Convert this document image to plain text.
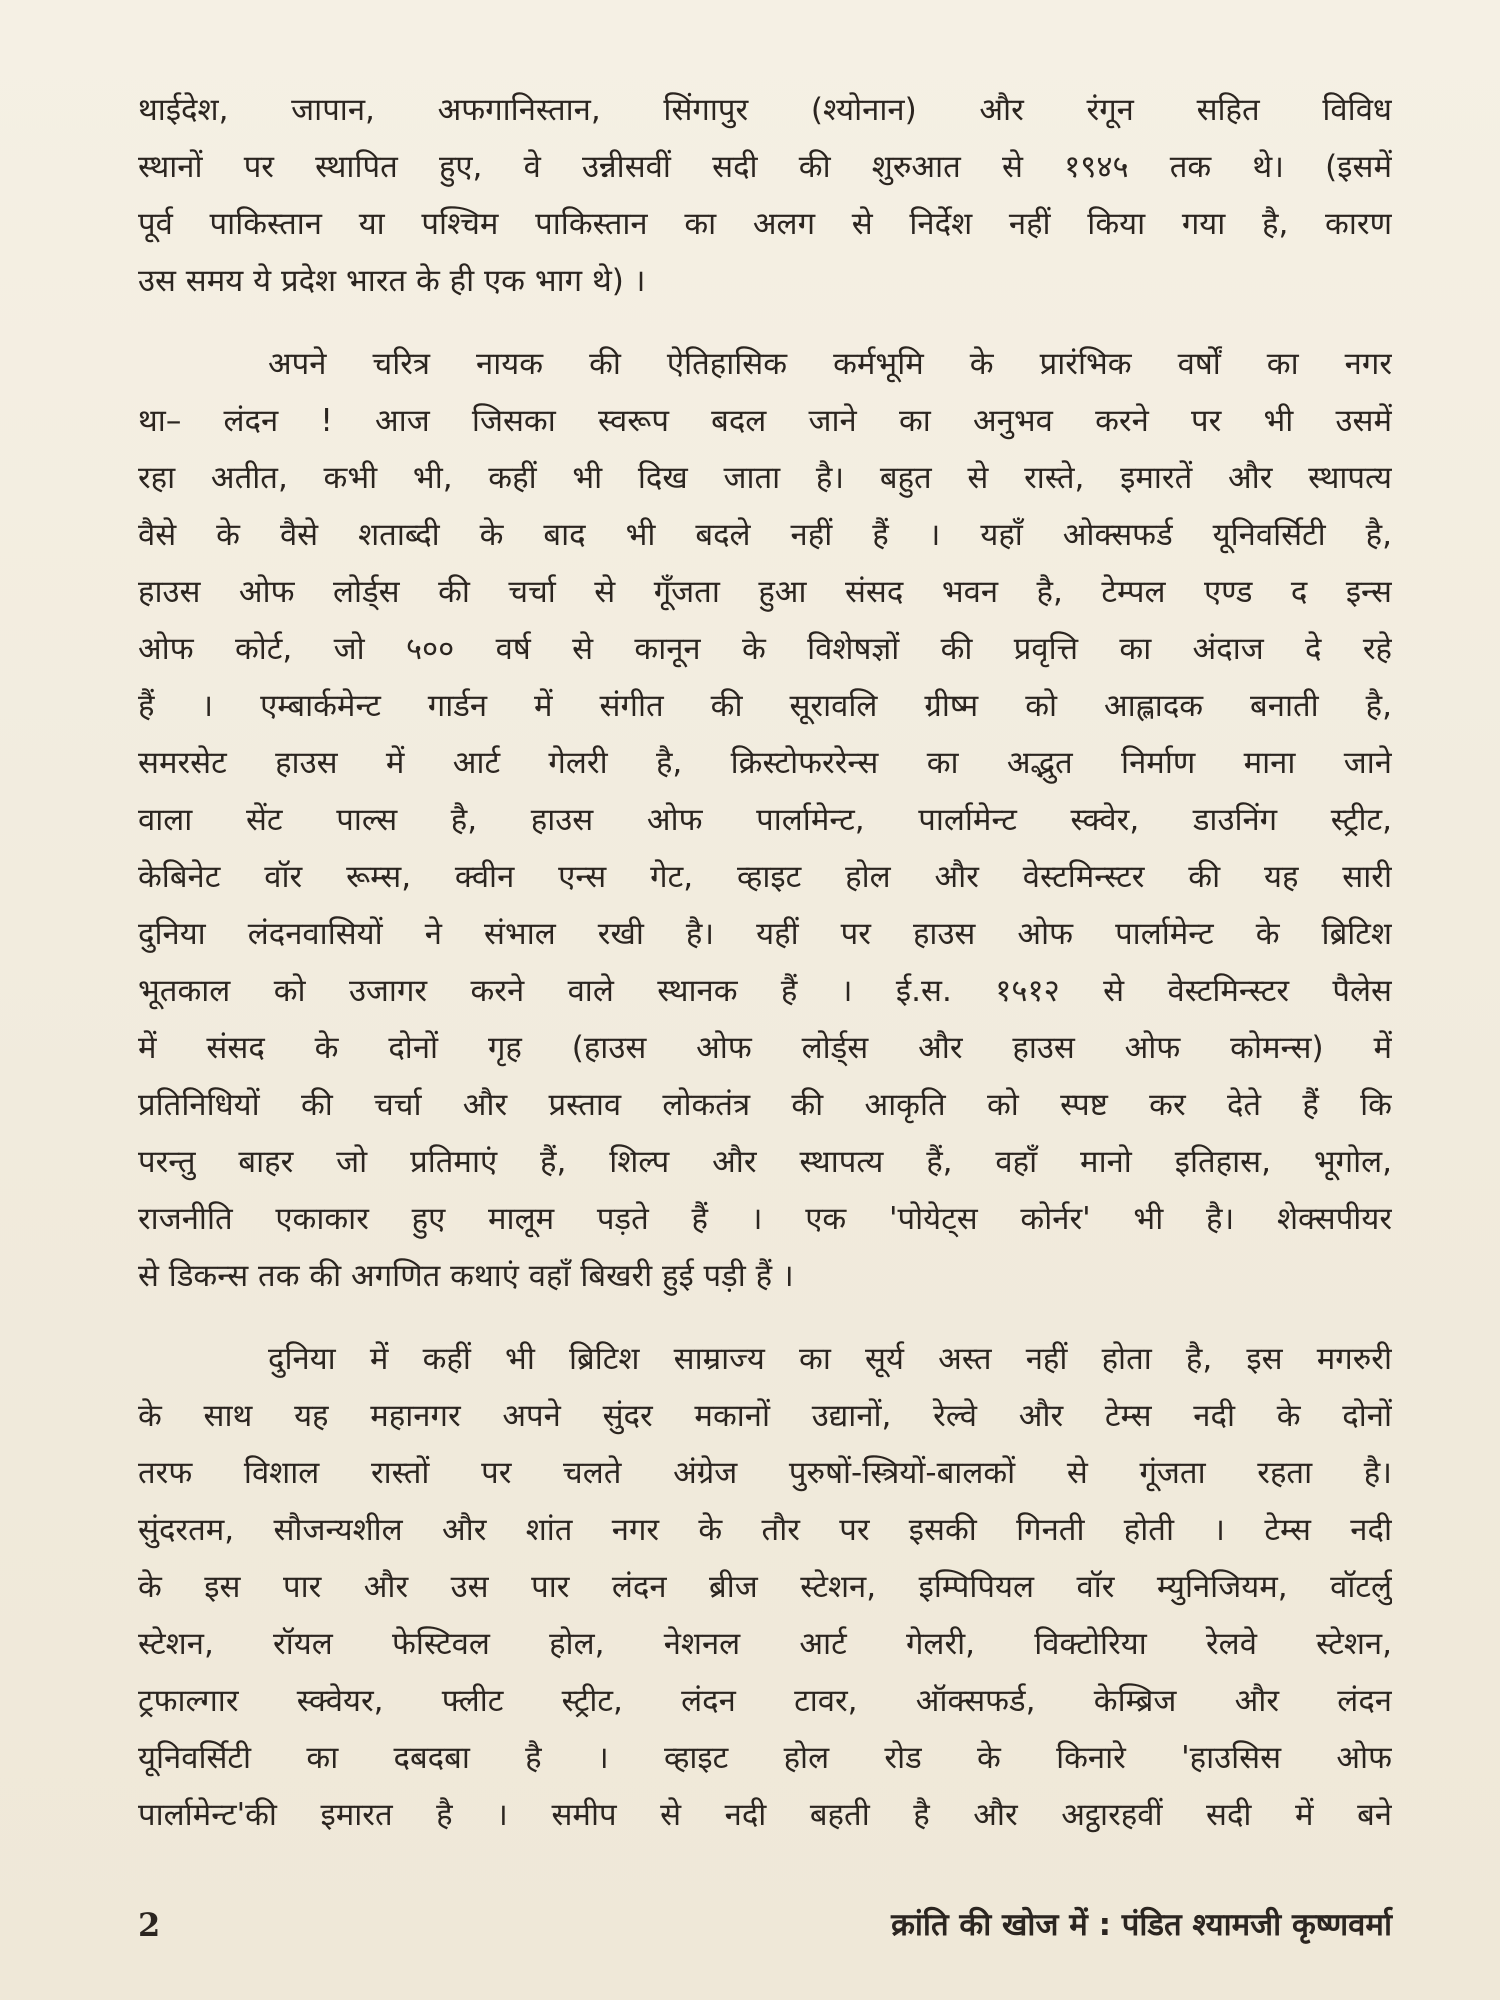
थाईदेश, जापान, अफगानिस्तान, सिंगापुर (श्योनान) और रंगून सहित विविध
स्थानों पर स्थापित हुए, वे उन्नीसवीं सदी की शुरुआत से १९४५ तक थे। (इसमें
पूर्व पाकिस्तान या पश्चिम पाकिस्तान का अलग से निर्देश नहीं किया गया है, कारण
उस समय ये प्रदेश भारत के ही एक भाग थे) ।

अपने चरित्र नायक की ऐतिहासिक कर्मभूमि के प्रारंभिक वर्षों का नगर
था– लंदन ! आज जिसका स्वरूप बदल जाने का अनुभव करने पर भी उसमें
रहा अतीत, कभी भी, कहीं भी दिख जाता है। बहुत से रास्ते, इमारतें और स्थापत्य
वैसे के वैसे शताब्दी के बाद भी बदले नहीं हैं । यहाँ ओक्सफर्ड यूनिवर्सिटी है,
हाउस ओफ लोर्ड्स की चर्चा से गूँजता हुआ संसद भवन है, टेम्पल एण्ड द इन्स
ओफ कोर्ट, जो ५०० वर्ष से कानून के विशेषज्ञों की प्रवृत्ति का अंदाज दे रहे
हैं । एम्बार्कमेन्ट गार्डन में संगीत की सूरावलि ग्रीष्म को आह्लादक बनाती है,
समरसेट हाउस में आर्ट गेलरी है, क्रिस्टोफररेन्स का अद्भुत निर्माण माना जाने
वाला सेंट पाल्स है, हाउस ओफ पार्लामेन्ट, पार्लामेन्ट स्क्वेर, डाउनिंग स्ट्रीट,
केबिनेट वॉर रूम्स, क्वीन एन्स गेट, व्हाइट होल और वेस्टमिन्स्टर की यह सारी
दुनिया लंदनवासियों ने संभाल रखी है। यहीं पर हाउस ओफ पार्लामेन्ट के ब्रिटिश
भूतकाल को उजागर करने वाले स्थानक हैं । ई.स. १५१२ से वेस्टमिन्स्टर पैलेस
में संसद के दोनों गृह (हाउस ओफ लोर्ड्स और हाउस ओफ कोमन्स) में
प्रतिनिधियों की चर्चा और प्रस्ताव लोकतंत्र की आकृति को स्पष्ट कर देते हैं कि
परन्तु बाहर जो प्रतिमाएं हैं, शिल्प और स्थापत्य हैं, वहाँ मानो इतिहास, भूगोल,
राजनीति एकाकार हुए मालूम पड़ते हैं । एक 'पोयेट्स कोर्नर' भी है। शेक्सपीयर
से डिकन्स तक की अगणित कथाएं वहाँ बिखरी हुई पड़ी हैं ।

दुनिया में कहीं भी ब्रिटिश साम्राज्य का सूर्य अस्त नहीं होता है, इस मगरुरी
के साथ यह महानगर अपने सुंदर मकानों उद्यानों, रेल्वे और टेम्स नदी के दोनों
तरफ विशाल रास्तों पर चलते अंग्रेज पुरुषों-स्त्रियों-बालकों से गूंजता रहता है।
सुंदरतम, सौजन्यशील और शांत नगर के तौर पर इसकी गिनती होती । टेम्स नदी
के इस पार और उस पार लंदन ब्रीज स्टेशन, इम्पिपियल वॉर म्युनिजियम, वॉटर्लु
स्टेशन, रॉयल फेस्टिवल होल, नेशनल आर्ट गेलरी, विक्टोरिया रेलवे स्टेशन,
ट्रफाल्गार स्क्वेयर, फ्लीट स्ट्रीट, लंदन टावर, ऑक्सफर्ड, केम्ब्रिज और लंदन
यूनिवर्सिटी का दबदबा है । व्हाइट होल रोड के किनारे 'हाउसिस ओफ
पार्लामेन्ट'की इमारत है । समीप से नदी बहती है और अट्ठारहवीं सदी में बने

2	क्रांति की खोज में : पंडित श्यामजी कृष्णवर्मा
